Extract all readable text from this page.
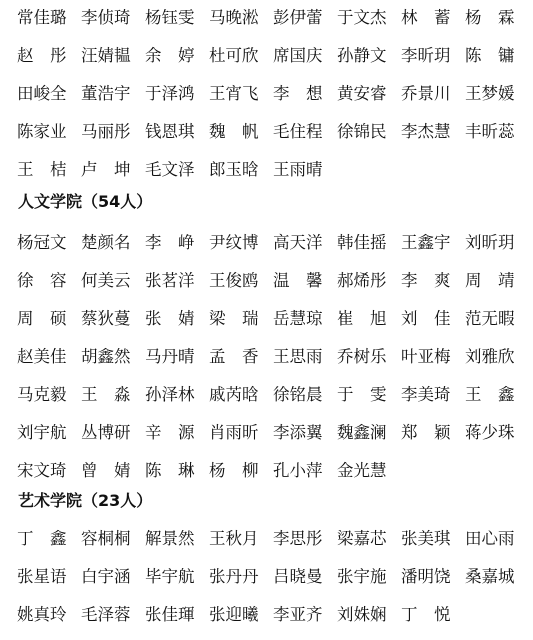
人文学院（54人）
艺术学院（23人）
常佳璐 李侦琦 杨钰雯 马晚淞 彭伊蕾 于文杰 林　蓄 杨　霖
赵　彤 汪婧韫 余　婷 杜可欣 席国庆 孙静文 李昕玥 陈　镛
田峻全 董浩宇 于泽鸿 王宵飞 李　想 黄安睿 乔景川 王梦媛
陈家业 马丽彤 钱恩琪 魏　帆 毛住程 徐锦民 李杰慧 丰昕蕊
王　桔 卢　坤 毛文泽 郎玉晗 王雨晴
杨冠文 楚颜名 李　峥 尹纹博 高天洋 韩佳摇 王鑫宇 刘昕玥
徐　容 何美云 张茗洋 王俊鸥 温　馨 郝烯彤 李　爽 周　靖
周　硕 蔡狄蔓 张　婧 梁　瑞 岳慧琼 崔　旭 刘　佳 范无暇
赵美佳 胡鑫然 马丹晴 孟　香 王思雨 乔树乐 叶亚梅 刘雅欣
马克毅 王　淼 孙泽林 戚芮晗 徐铭晨 于　雯 李美琦 王　鑫
刘宇航 丛博研 辛　源 肖雨昕 李添翼 魏鑫澜 郑　颖 蒋少珠
宋文琦 曾　婧 陈　琳 杨　柳 孔小萍 金光慧
丁　鑫 容桐桐 解景然 王秋月 李思彤 梁嘉芯 张美琪 田心雨
张星语 白宇涵 毕宇航 张丹丹 吕晓曼 张宇施 潘明饶 桑嘉城
姚真玲 毛泽蓉 张佳琿 张迎曦 李亚齐 刘姝娴 丁　悦
